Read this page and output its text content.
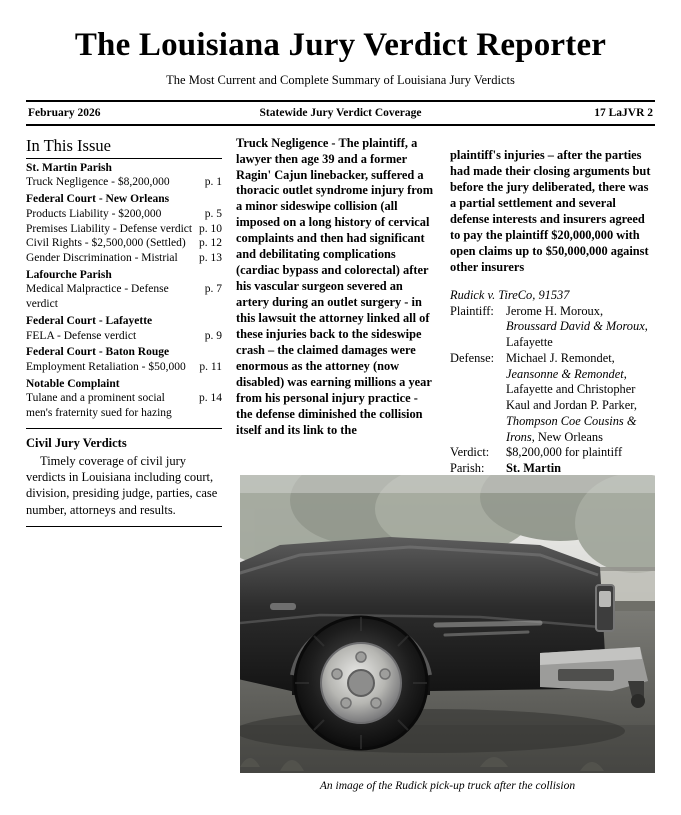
The Louisiana Jury Verdict Reporter
The Most Current and Complete Summary of Louisiana Jury Verdicts
February 2026	Statewide Jury Verdict Coverage	17 LaJVR 2
In This Issue
St. Martin Parish
Truck Negligence - $8,200,000	p. 1
Federal Court - New Orleans
Products Liability - $200,000	p. 5
Premises Liability - Defense verdict p. 10
Civil Rights - $2,500,000 (Settled)	p. 12
Gender Discrimination - Mistrial	p. 13
Lafourche Parish
Medical Malpractice - Defense verdict
p. 7
Federal Court - Lafayette
FELA - Defense verdict	p. 9
Federal Court - Baton Rouge
Employment Retaliation - $50,000	p. 11
Notable Complaint
Tulane and a prominent social men's fraternity sued for hazing
p. 14
Civil Jury Verdicts
Timely coverage of civil jury verdicts in Louisiana including court, division, presiding judge, parties, case number, attorneys and results.

Truck Negligence - The plaintiff, a lawyer then age 39 and a former Ragin' Cajun linebacker, suffered a thoracic outlet syndrome injury from a minor sideswipe collision (all imposed on a long history of cervical complaints and then had significant and debilitating complications (cardiac bypass and colorectal) after his vascular surgeon severed an artery during an outlet surgery - in this lawsuit the attorney linked all of these injuries back to the sideswipe crash – the claimed damages were enormous as the attorney (now disabled) was earning millions a year from his personal injury practice - the defense diminished the collision itself and its link to the

plaintiff's injuries – after the parties had made their closing arguments but before the jury deliberated, there was a partial settlement and several defense interests and insurers agreed to pay the plaintiff $20,000,000 with open claims up to $50,000,000 against other insurers

Rudick v. TireCo, 91537
Plaintiff: Jerome H. Moroux, Broussard David & Moroux, Lafayette
Defense: Michael J. Remondet, Jeansonne & Remondet, Lafayette and Christopher Kaul and Jordan P. Parker, Thompson Coe Cousins & Irons, New Orleans
Verdict:	$8,200,000 for plaintiff
Parish:	St. Martin
An image of the Rudick pick-up truck after the collision
